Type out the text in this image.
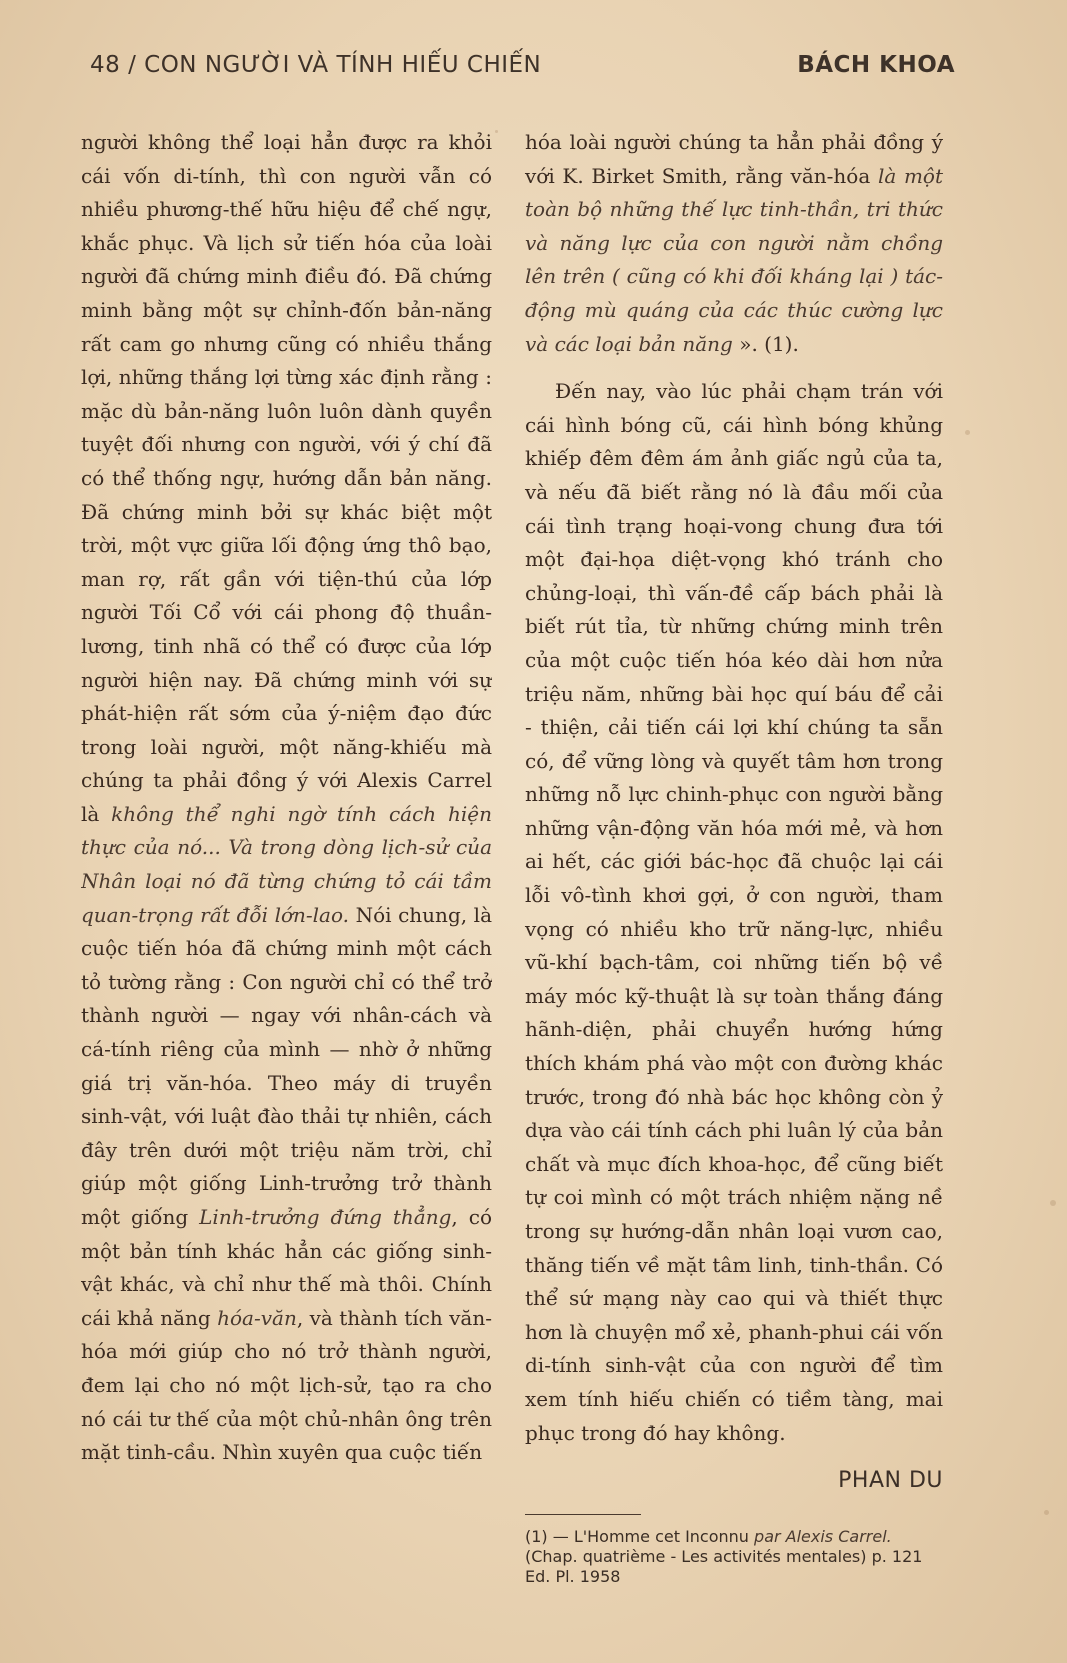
48 / CON NGƯỜI VÀ TÍNH HIẾU CHIẾN	BÁCH KHOA

người không thể loại hẳn được ra khỏi cái vốn di-tính, thì con người vẫn có nhiều phương-thế hữu hiệu để chế ngự, khắc phục. Và lịch sử tiến hóa của loài người đã chứng minh điều đó. Đã chứng minh bằng một sự chỉnh-đốn bản-năng rất cam go nhưng cũng có nhiều thắng lợi, những thắng lợi từng xác định rằng : mặc dù bản-năng luôn luôn dành quyền tuyệt đối nhưng con người, với ý chí đã có thể thống ngự, hướng dẫn bản năng. Đã chứng minh bởi sự khác biệt một trời, một vực giữa lối động ứng thô bạo, man rợ, rất gần với tiện-thú của lớp người Tối Cổ với cái phong độ thuần-lương, tinh nhã có thể có được của lớp người hiện nay. Đã chứng minh với sự phát-hiện rất sớm của ý-niệm đạo đức trong loài người, một năng-khiếu mà chúng ta phải đồng ý với Alexis Carrel là không thể nghi ngờ tính cách hiện thực của nó... Và trong dòng lịch-sử của Nhân loại nó đã từng chứng tỏ cái tầm quan-trọng rất đỗi lớn-lao. Nói chung, là cuộc tiến hóa đã chứng minh một cách tỏ tường rằng : Con người chỉ có thể trở thành người — ngay với nhân-cách và cá-tính riêng của mình — nhờ ở những giá trị văn-hóa. Theo máy di truyền sinh-vật, với luật đào thải tự nhiên, cách đây trên dưới một triệu năm trời, chỉ giúp một giống Linh-trưởng trở thành một giống Linh-trưởng đứng thẳng, có một bản tính khác hẳn các giống sinh-vật khác, và chỉ như thế mà thôi. Chính cái khả năng hóa-văn, và thành tích văn-hóa mới giúp cho nó trở thành người, đem lại cho nó một lịch-sử, tạo ra cho nó cái tư thế của một chủ-nhân ông trên mặt tinh-cầu. Nhìn xuyên qua cuộc tiến

hóa loài người chúng ta hẳn phải đồng ý với K. Birket Smith, rằng văn-hóa là một toàn bộ những thế lực tinh-thần, tri thức và năng lực của con người nằm chồng lên trên ( cũng có khi đối kháng lại ) tác-động mù quáng của các thúc cường lực và các loại bản năng ». (1).

Đến nay, vào lúc phải chạm trán với cái hình bóng cũ, cái hình bóng khủng khiếp đêm đêm ám ảnh giấc ngủ của ta, và nếu đã biết rằng nó là đầu mối của cái tình trạng hoại-vong chung đưa tới một đại-họa diệt-vọng khó tránh cho chủng-loại, thì vấn-đề cấp bách phải là biết rút tỉa, từ những chứng minh trên của một cuộc tiến hóa kéo dài hơn nửa triệu năm, những bài học quí báu để cải - thiện, cải tiến cái lợi khí chúng ta sẵn có, để vững lòng và quyết tâm hơn trong những nỗ lực chinh-phục con người bằng những vận-động văn hóa mới mẻ, và hơn ai hết, các giới bác-học đã chuộc lại cái lỗi vô-tình khơi gợi, ở con người, tham vọng có nhiều kho trữ năng-lực, nhiều vũ-khí bạch-tâm, coi những tiến bộ về máy móc kỹ-thuật là sự toàn thắng đáng hãnh-diện, phải chuyển hướng hứng thích khám phá vào một con đường khác trước, trong đó nhà bác học không còn ỷ dựa vào cái tính cách phi luân lý của bản chất và mục đích khoa-học, để cũng biết tự coi mình có một trách nhiệm nặng nề trong sự hướng-dẫn nhân loại vươn cao, thăng tiến về mặt tâm linh, tinh-thần. Có thể sứ mạng này cao qui và thiết thực hơn là chuyện mổ xẻ, phanh-phui cái vốn di-tính sinh-vật của con người để tìm xem tính hiếu chiến có tiềm tàng, mai phục trong đó hay không.

PHAN DU
(1) — L'Homme cet Inconnu par Alexis Carrel. (Chap. quatrième - Les activités mentales) p. 121 Ed. Pl. 1958
